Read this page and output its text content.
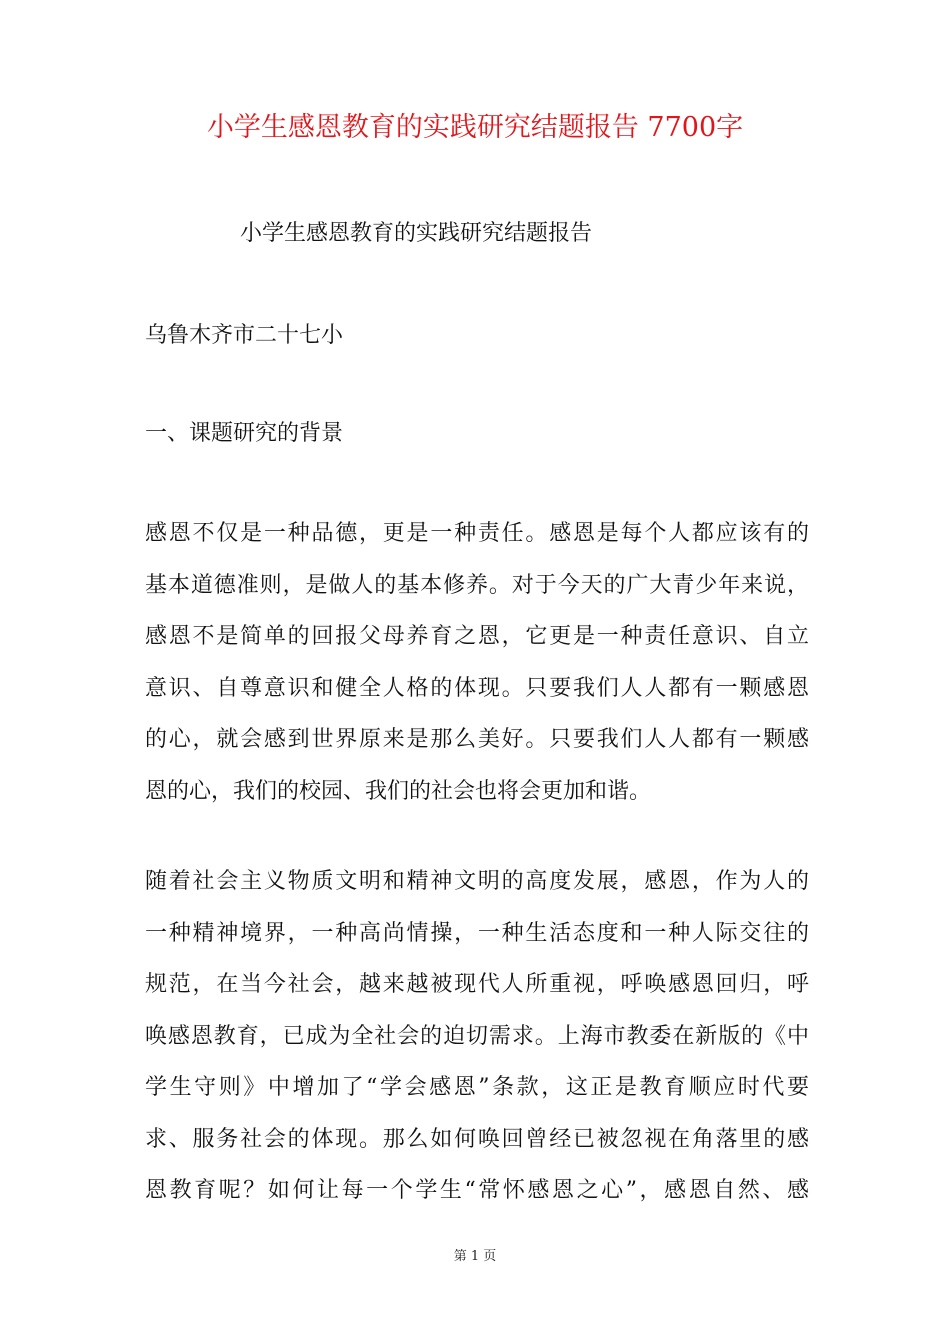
小学生感恩教育的实践研究结题报告 7700字

小学生感恩教育的实践研究结题报告

乌鲁木齐市二十七小

一、课题研究的背景

感恩不仅是一种品德，更是一种责任。感恩是每个人都应该有的
基本道德准则，是做人的基本修养。对于今天的广大青少年来说，
感恩不是简单的回报父母养育之恩，它更是一种责任意识、自立
意识、自尊意识和健全人格的体现。只要我们人人都有一颗感恩
的心，就会感到世界原来是那么美好。只要我们人人都有一颗感
恩的心，我们的校园、我们的社会也将会更加和谐。
随着社会主义物质文明和精神文明的高度发展，感恩，作为人的
一种精神境界，一种高尚情操，一种生活态度和一种人际交往的
规范，在当今社会，越来越被现代人所重视，呼唤感恩回归，呼
唤感恩教育，已成为全社会的迫切需求。上海市教委在新版的《中
学生守则》中增加了“学会感恩”条款，这正是教育顺应时代要
求、服务社会的体现。那么如何唤回曾经已被忽视在角落里的感
恩教育呢？如何让每一个学生“常怀感恩之心”，感恩自然、感

第 1 页
